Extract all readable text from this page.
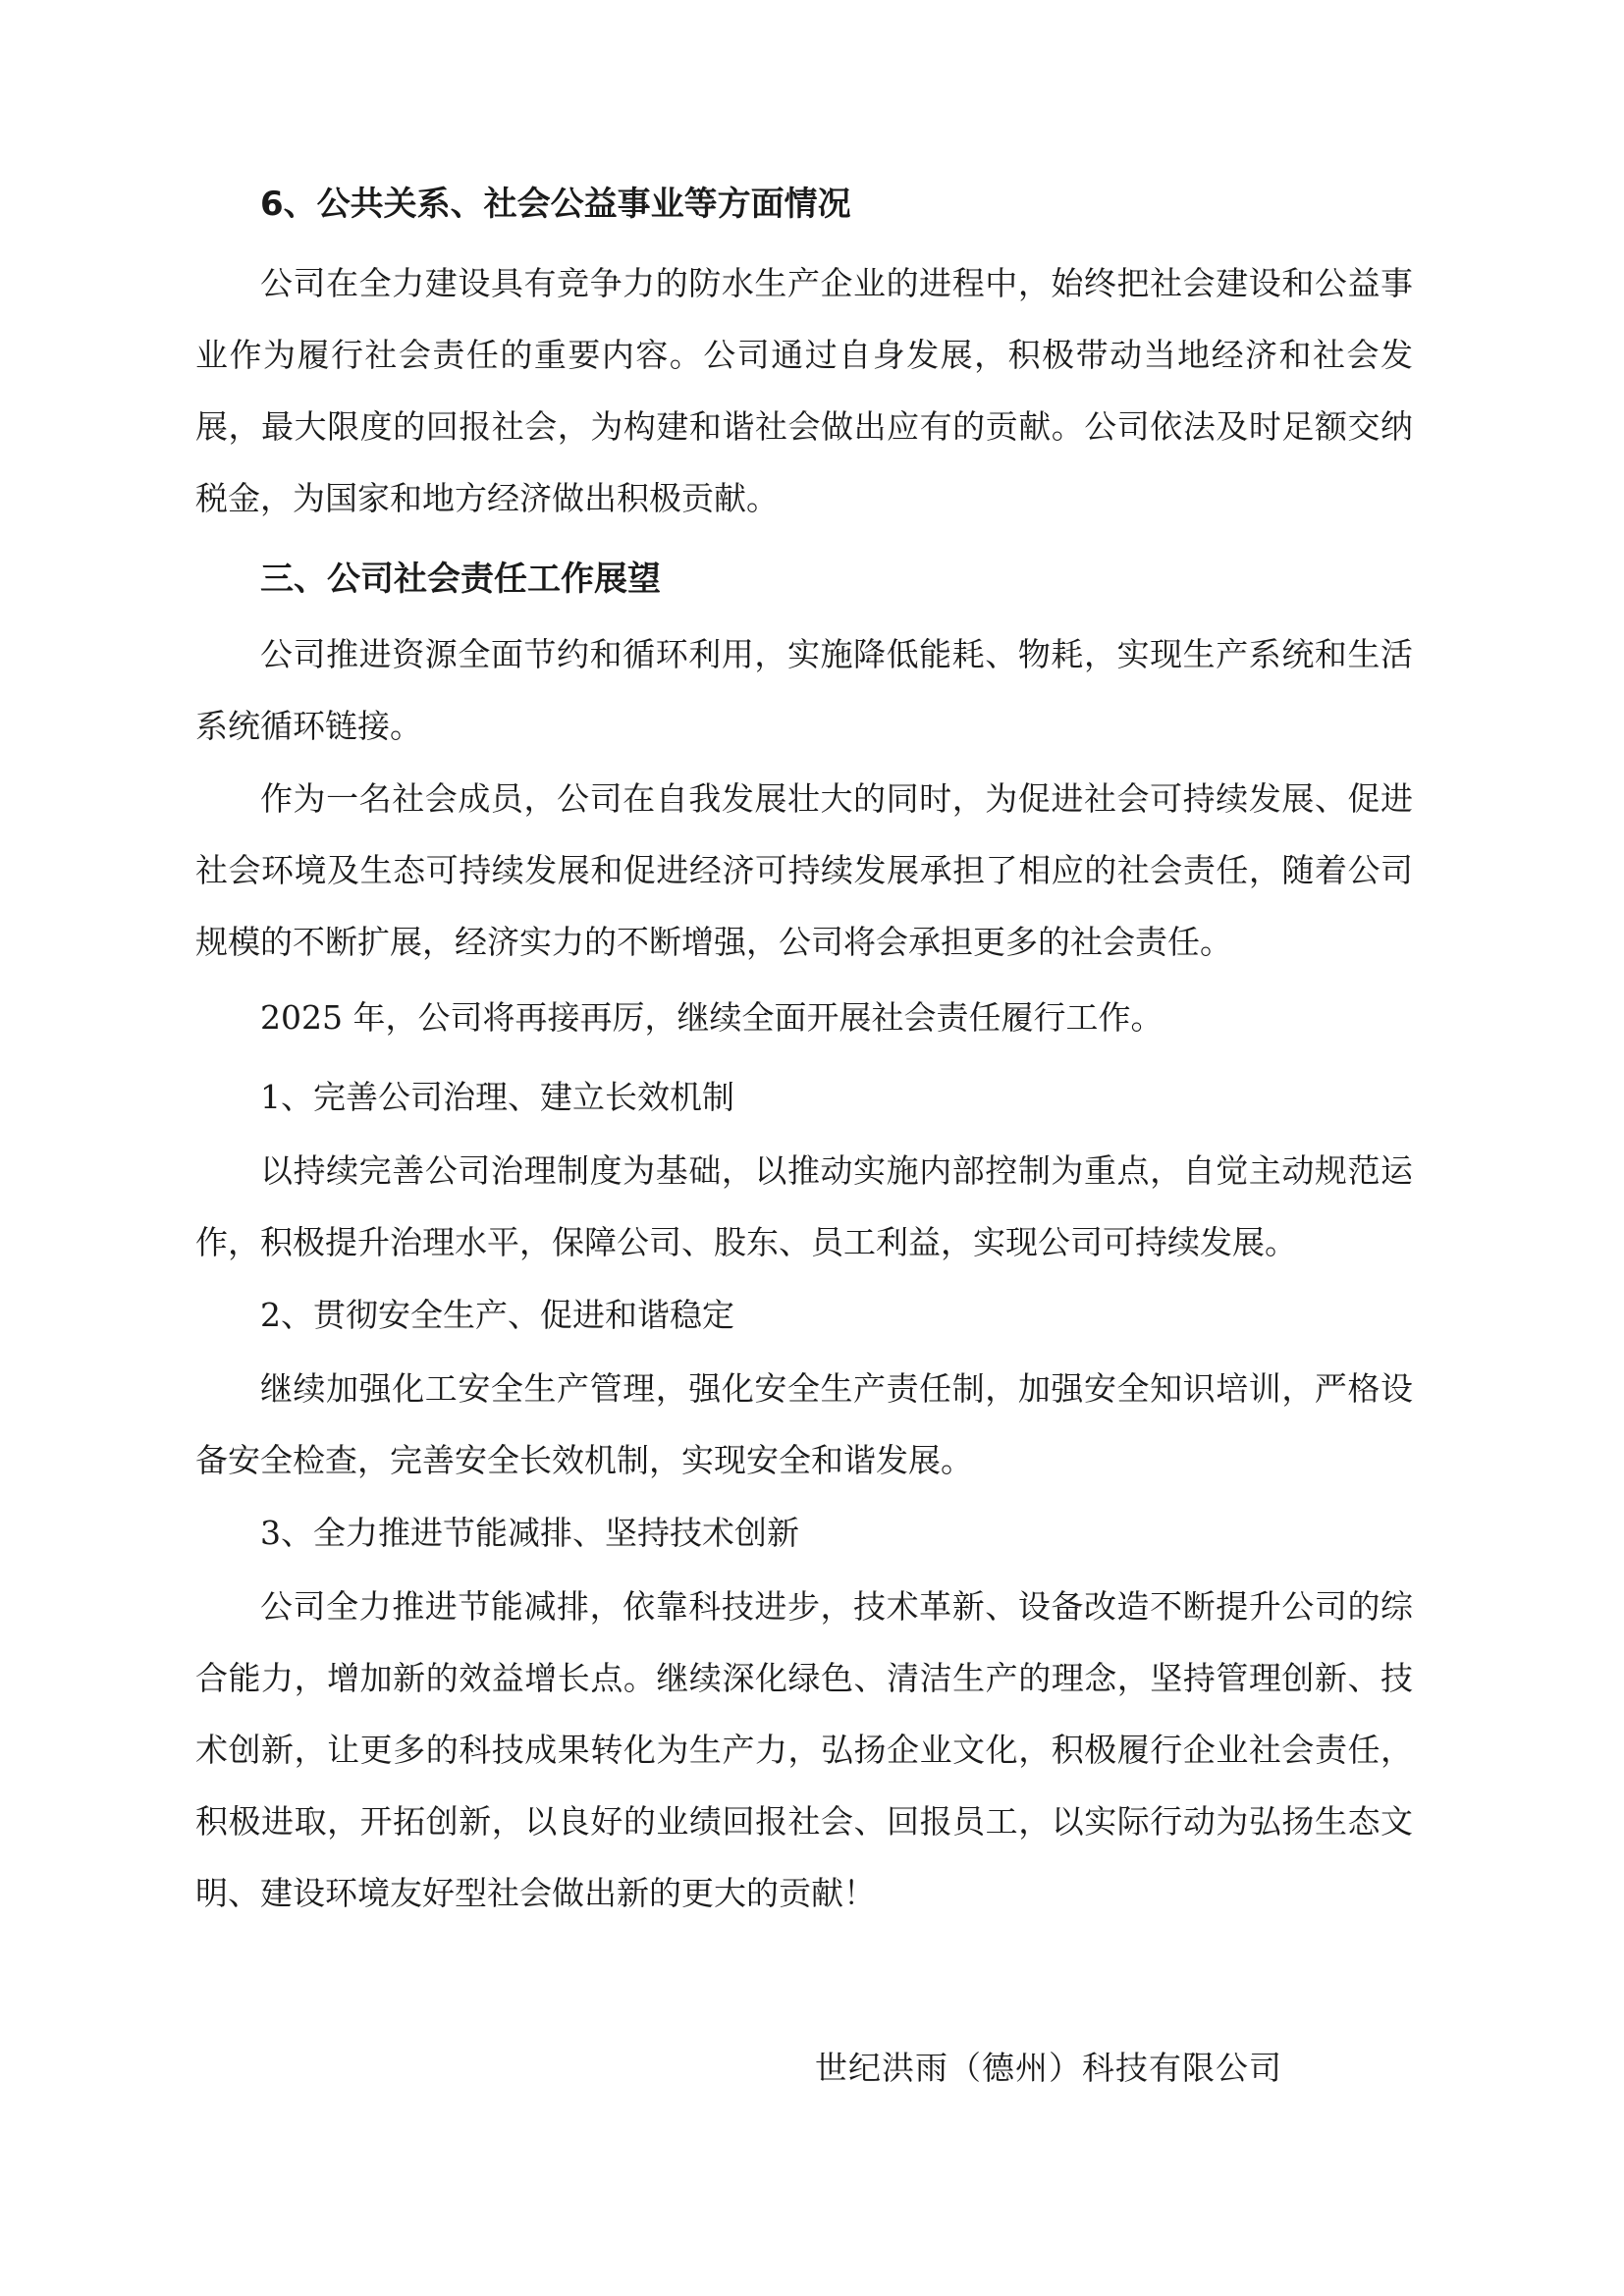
6、公共关系、社会公益事业等方面情况

公司在全力建设具有竞争力的防水生产企业的进程中，始终把社会建设和公益事业作为履行社会责任的重要内容。公司通过自身发展，积极带动当地经济和社会发展，最大限度的回报社会，为构建和谐社会做出应有的贡献。公司依法及时足额交纳税金，为国家和地方经济做出积极贡献。

三、公司社会责任工作展望

公司推进资源全面节约和循环利用，实施降低能耗、物耗，实现生产系统和生活系统循环链接。

作为一名社会成员，公司在自我发展壮大的同时，为促进社会可持续发展、促进社会环境及生态可持续发展和促进经济可持续发展承担了相应的社会责任，随着公司规模的不断扩展，经济实力的不断增强，公司将会承担更多的社会责任。

2025 年，公司将再接再厉，继续全面开展社会责任履行工作。

1、完善公司治理、建立长效机制

以持续完善公司治理制度为基础，以推动实施内部控制为重点，自觉主动规范运作，积极提升治理水平，保障公司、股东、员工利益，实现公司可持续发展。

2、贯彻安全生产、促进和谐稳定

继续加强化工安全生产管理，强化安全生产责任制，加强安全知识培训，严格设备安全检查，完善安全长效机制，实现安全和谐发展。

3、全力推进节能减排、坚持技术创新

公司全力推进节能减排，依靠科技进步，技术革新、设备改造不断提升公司的综合能力，增加新的效益增长点。继续深化绿色、清洁生产的理念，坚持管理创新、技术创新，让更多的科技成果转化为生产力，弘扬企业文化，积极履行企业社会责任，积极进取，开拓创新，以良好的业绩回报社会、回报员工，以实际行动为弘扬生态文明、建设环境友好型社会做出新的更大的贡献！

世纪洪雨（德州）科技有限公司
